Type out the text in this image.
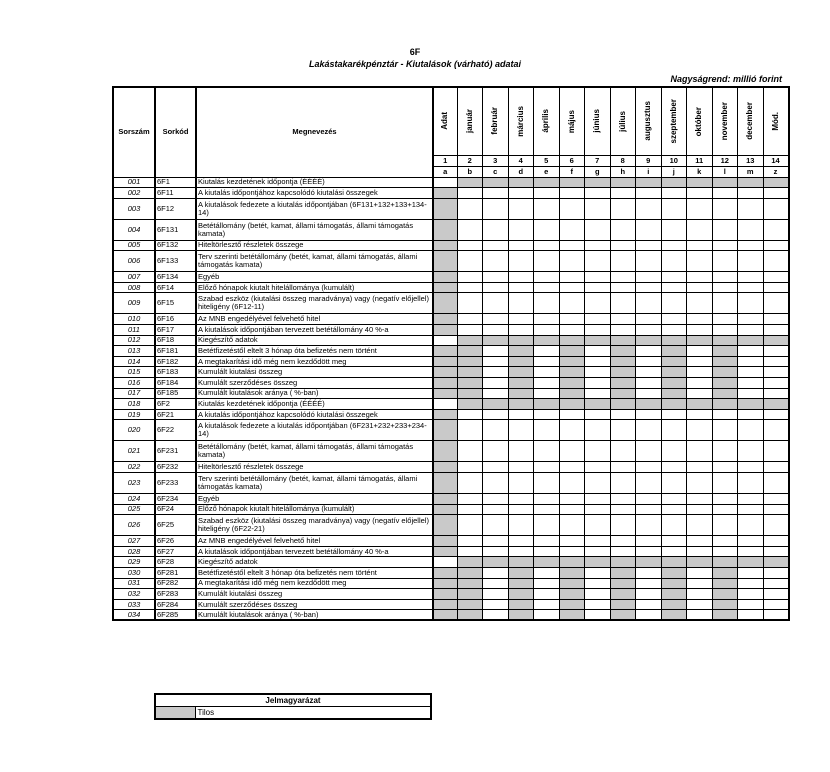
6F
Lakástakarékpénztár - Kiutalások (várható) adatai
Nagyságrend: millió forint
Sorszám	Sorkód	Megnevezés	Adat	január	február	március	április	május	június	július	augusztus	szeptember	október	november	december	Mód.

			1	2	3	4	5	6	7	8	9	10	11	12	13	14
			a	b	c	d	e	f	g	h	i	j	k	l	m	z
001	6F1	Kiutalás kezdetének időpontja (ÉÉÉÉ)														
002	6F11	A kiutalás időpontjához kapcsolódó kiutalási összegek														
003	6F12	A kiutalások fedezete a kiutalás időpontjában (6F131+132+133+134-14)														
004	6F131	Betétállomány (betét, kamat, állami támogatás, állami támogatás kamata)														
005	6F132	Hiteltörlesztő részletek összege														
006	6F133	Terv szerinti betétállomány (betét, kamat, állami támogatás, állami támogatás kamata)														
007	6F134	Egyéb														
008	6F14	Előző hónapok kiutalt hitelállománya (kumulált)														
009	6F15	Szabad eszköz (kiutalási összeg maradványa) vagy (negatív előjellel) hiteligény (6F12-11)														
010	6F16	Az MNB engedélyével felvehető hitel														
011	6F17	A kiutalások időpontjában tervezett betétállomány 40 %-a														
012	6F18	Kiegészítő adatok														
013	6F181	Betétfizetéstől eltelt 3 hónap óta befizetés nem történt														
014	6F182	A megtakarítási idő még nem kezdődött meg														
015	6F183	Kumulált kiutalási összeg														
016	6F184	Kumulált szerződéses összeg														
017	6F185	Kumulált kiutalások aránya ( %-ban)														
018	6F2	Kiutalás kezdetének időpontja (ÉÉÉÉ)														
019	6F21	A kiutalás időpontjához kapcsolódó kiutalási összegek														
020	6F22	A kiutalások fedezete a kiutalás időpontjában (6F231+232+233+234-14)														
021	6F231	Betétállomány (betét, kamat, állami támogatás, állami támogatás kamata)														
022	6F232	Hiteltörlesztő részletek összege														
023	6F233	Terv szerinti betétállomány (betét, kamat, állami támogatás, állami támogatás kamata)														
024	6F234	Egyéb														
025	6F24	Előző hónapok kiutalt hitelállománya (kumulált)														
026	6F25	Szabad eszköz (kiutalási összeg maradványa) vagy (negatív előjellel) hiteligény (6F22-21)														
027	6F26	Az MNB engedélyével felvehető hitel														
028	6F27	A kiutalások időpontjában tervezett betétállomány 40 %-a														
029	6F28	Kiegészítő adatok														
030	6F281	Betétfizetéstől eltelt 3 hónap óta befizetés nem történt														
031	6F282	A megtakarítási idő még nem kezdődött meg														
032	6F283	Kumulált kiutalási összeg														
033	6F284	Kumulált szerződéses összeg														
034	6F285	Kumulált kiutalások aránya ( %-ban)														
Jelmagyarázat
	Tilos
